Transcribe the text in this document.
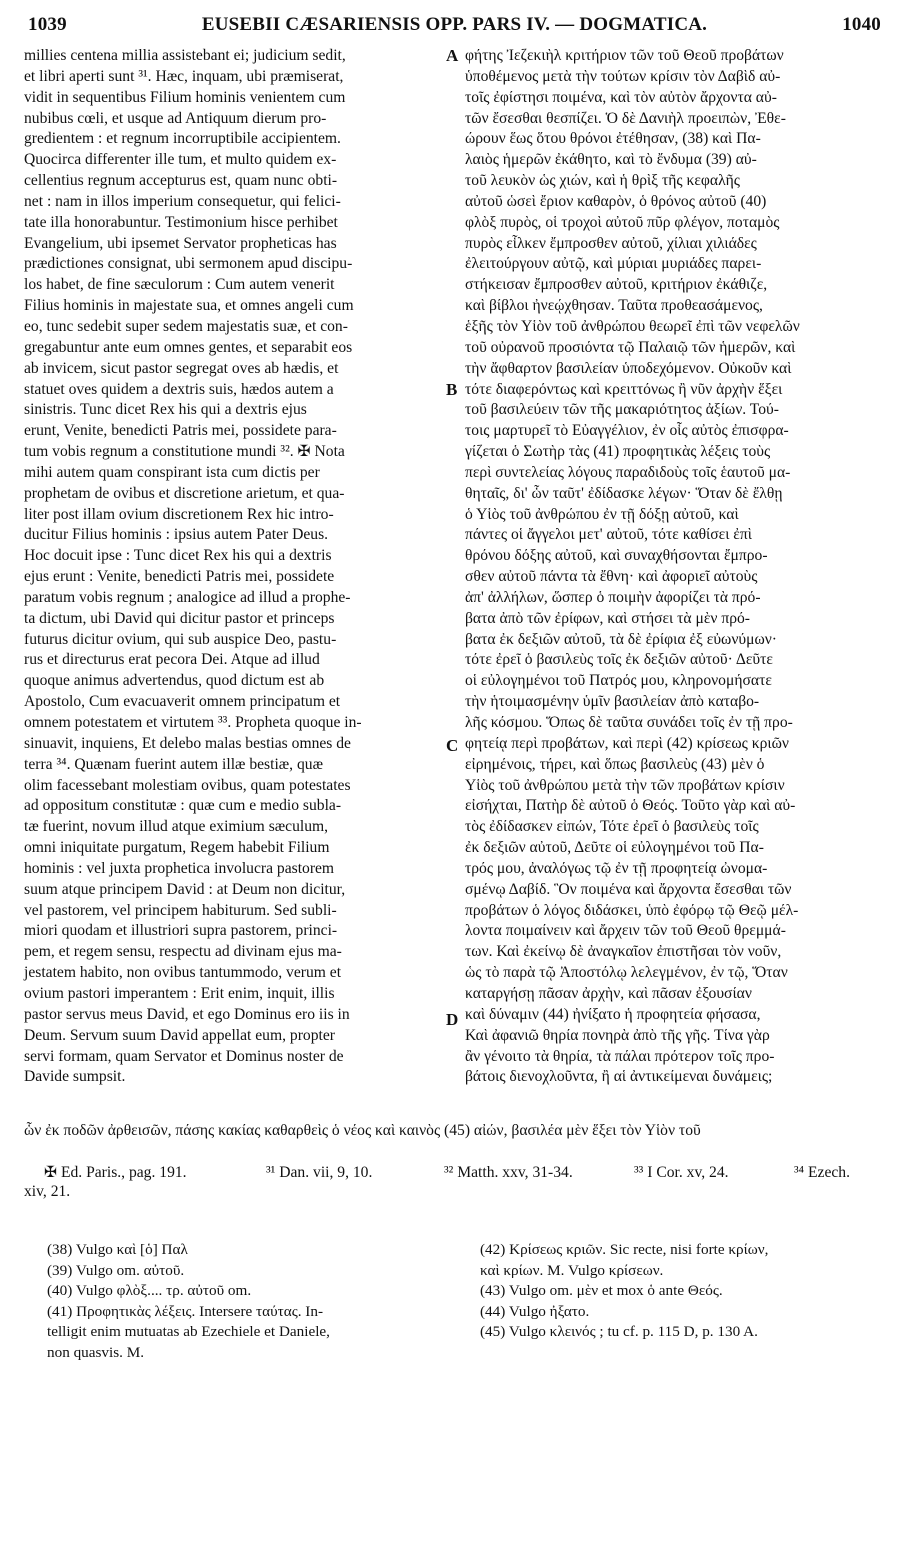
1039	EUSEBII CÆSARIENSIS OPP. PARS IV. — DOGMATICA.	1040
millies centena millia assistebant ei; judicium sedit,
et libri aperti sunt ³¹. Hæc, inquam, ubi præmiserat,
vidit in sequentibus Filium hominis venientem cum
nubibus cœli, et usque ad Antiquum dierum pro-
gredientem : et regnum incorruptibile accipientem.
Quocirca differenter ille tum, et multo quidem ex-
cellentius regnum accepturus est, quam nunc obti-
net : nam in illos imperium consequetur, qui felici-
tate illa honorabuntur. Testimonium hisce perhibet
Evangelium, ubi ipsemet Servator propheticas has
prædictiones consignat, ubi sermonem apud discipu-
los habet, de fine sæculorum : Cum autem venerit
Filius hominis in majestate sua, et omnes angeli cum
eo, tunc sedebit super sedem majestatis suæ, et con-
gregabuntur ante eum omnes gentes, et separabit eos
ab invicem, sicut pastor segregat oves ab hædis, et
statuet oves quidem a dextris suis, hædos autem a
sinistris. Tunc dicet Rex his qui a dextris ejus
erunt, Venite, benedicti Patris mei, possidete para-
tum vobis regnum a constitutione mundi ³². ✠ Nota
mihi autem quam conspirant ista cum dictis per
prophetam de ovibus et discretione arietum, et qua-
liter post illam ovium discretionem Rex hic intro-
ducitur Filius hominis : ipsius autem Pater Deus.
Hoc docuit ipse : Tunc dicet Rex his qui a dextris
ejus erunt : Venite, benedicti Patris mei, possidete
paratum vobis regnum ; analogice ad illud a prophe-
ta dictum, ubi David qui dicitur pastor et princeps
futurus dicitur ovium, qui sub auspice Deo, pastu-
rus et directurus erat pecora Dei. Atque ad illud
quoque animus advertendus, quod dictum est ab
Apostolo, Cum evacuaverit omnem principatum et
omnem potestatem et virtutem ³³. Propheta quoque in-
sinuavit, inquiens, Et delebo malas bestias omnes de
terra ³⁴. Quænam fuerint autem illæ bestiæ, quæ
olim facessebant molestiam ovibus, quam potestates
ad oppositum constitutæ : quæ cum e medio subla-
tæ fuerint, novum illud atque eximium sæculum,
omni iniquitate purgatum, Regem habebit Filium
hominis : vel juxta prophetica involucra pastorem
suum atque principem David : at Deum non dicitur,
vel pastorem, vel principem habiturum. Sed subli-
miori quodam et illustriori supra pastorem, princi-
pem, et regem sensu, respectu ad divinam ejus ma-
jestatem habito, non ovibus tantummodo, verum et
ovium pastori imperantem : Erit enim, inquit, illis
pastor servus meus David, et ego Dominus ero iis in
Deum. Servum suum David appellat eum, propter
servi formam, quam Servator et Dominus noster de
Davide sumpsit.
φήτης Ἰεζεκιὴλ κριτήριον τῶν τοῦ Θεοῦ προβάτων
ὑποθέμενος μετὰ τὴν τούτων κρίσιν τὸν Δαβὶδ αὐ-
τοῖς ἐφίστησι ποιμένα, καὶ τὸν αὐτὸν ἄρχοντα αὐ-
τῶν ἔσεσθαι θεσπίζει. Ὁ δὲ Δανιὴλ προειπὼν, Ἐθε-
ώρουν ἕως ὅτου θρόνοι ἐτέθησαν, (38) καὶ Πα-
λαιὸς ἡμερῶν ἐκάθητο, καὶ τὸ ἔνδυμα (39) αὐ-
τοῦ λευκὸν ὡς χιών, καὶ ἡ θρὶξ τῆς κεφαλῆς
αὐτοῦ ὡσεὶ ἔριον καθαρὸν, ὁ θρόνος αὐτοῦ (40)
φλὸξ πυρὸς, οἱ τροχοὶ αὐτοῦ πῦρ φλέγον, ποταμὸς
πυρὸς εἷλκεν ἔμπροσθεν αὐτοῦ, χίλιαι χιλιάδες
ἐλειτούργουν αὐτῷ, καὶ μύριαι μυριάδες παρει-
στήκεισαν ἔμπροσθεν αὐτοῦ, κριτήριον ἐκάθιζε,
καὶ βίβλοι ἠνεῴχθησαν. Ταῦτα προθεασάμενος,
ἑξῆς τὸν Υἱὸν τοῦ ἀνθρώπου θεωρεῖ ἐπὶ τῶν νεφελῶν
τοῦ οὐρανοῦ προσιόντα τῷ Παλαιῷ τῶν ἡμερῶν, καὶ
τὴν ἄφθαρτον βασιλείαν ὑποδεχόμενον. Οὐκοῦν καὶ
τότε διαφερόντως καὶ κρειττόνως ἢ νῦν ἀρχὴν ἕξει
τοῦ βασιλεύειν τῶν τῆς μακαριότητος ἀξίων. Τού-
τοις μαρτυρεῖ τὸ Εὐαγγέλιον, ἐν οἷς αὐτὸς ἐπισφρα-
γίζεται ὁ Σωτὴρ τὰς (41) προφητικὰς λέξεις τοὺς
περὶ συντελείας λόγους παραδιδοὺς τοῖς ἑαυτοῦ μα-
θηταῖς, δι' ὧν ταῦτ' ἐδίδασκε λέγων· Ὅταν δὲ ἔλθῃ
ὁ Υἱὸς τοῦ ἀνθρώπου ἐν τῇ δόξῃ αὐτοῦ, καὶ
πάντες οἱ ἄγγελοι μετ' αὐτοῦ, τότε καθίσει ἐπὶ
θρόνου δόξης αὐτοῦ, καὶ συναχθήσονται ἔμπρο-
σθεν αὐτοῦ πάντα τὰ ἔθνη· καὶ ἀφοριεῖ αὐτοὺς
ἀπ' ἀλλήλων, ὥσπερ ὁ ποιμὴν ἀφορίζει τὰ πρό-
βατα ἀπὸ τῶν ἐρίφων, καὶ στήσει τὰ μὲν πρό-
βατα ἐκ δεξιῶν αὐτοῦ, τὰ δὲ ἐρίφια ἐξ εὐωνύμων·
τότε ἐρεῖ ὁ βασιλεὺς τοῖς ἐκ δεξιῶν αὐτοῦ· Δεῦτε
οἱ εὐλογημένοι τοῦ Πατρός μου, κληρονομήσατε
τὴν ἡτοιμασμένην ὑμῖν βασιλείαν ἀπὸ καταβο-
λῆς κόσμου. Ὅπως δὲ ταῦτα συνάδει τοῖς ἐν τῇ προ-
φητείᾳ περὶ προβάτων, καὶ περὶ (42) κρίσεως κριῶν
εἰρημένοις, τήρει, καὶ ὅπως βασιλεὺς (43) μὲν ὁ
Υἱὸς τοῦ ἀνθρώπου μετὰ τὴν τῶν προβάτων κρίσιν
εἰσήχται, Πατὴρ δὲ αὐτοῦ ὁ Θεός. Τοῦτο γὰρ καὶ αὐ-
τὸς ἐδίδασκεν εἰπών, Τότε ἐρεῖ ὁ βασιλεὺς τοῖς
ἐκ δεξιῶν αὐτοῦ, Δεῦτε οἱ εὐλογημένοι τοῦ Πα-
τρός μου, ἀναλόγως τῷ ἐν τῇ προφητείᾳ ὠνομα-
σμένῳ Δαβίδ. Ὃν ποιμένα καὶ ἄρχοντα ἔσεσθαι τῶν
προβάτων ὁ λόγος διδάσκει, ὑπὸ ἐφόρῳ τῷ Θεῷ μέλ-
λοντα ποιμαίνειν καὶ ἄρχειν τῶν τοῦ Θεοῦ θρεμμά-
των. Καὶ ἐκείνῳ δὲ ἀναγκαῖον ἐπιστῆσαι τὸν νοῦν,
ὡς τὸ παρὰ τῷ Ἀποστόλῳ λελεγμένον, ἐν τῷ, Ὅταν
καταργήσῃ πᾶσαν ἀρχὴν, καὶ πᾶσαν ἐξουσίαν
καὶ δύναμιν (44) ἠνίξατο ἡ προφητεία φήσασα,
Καὶ ἀφανιῶ θηρία πονηρὰ ἀπὸ τῆς γῆς. Τίνα γὰρ
ἂν γένοιτο τὰ θηρία, τὰ πάλαι πρότερον τοῖς προ-
βάτοις διενοχλοῦντα, ἢ αἱ ἀντικείμεναι δυνάμεις;
A
B
C
D
ὧν ἐκ ποδῶν ἀρθεισῶν, πάσης κακίας καθαρθεὶς ὁ νέος καὶ καινὸς (45) αἰών, βασιλέα μὲν ἕξει τὸν Υἱὸν τοῦ
✠ Ed. Paris., pag. 191.	³¹ Dan. vii, 9, 10.	³² Matth. xxv, 31-34.	³³ I Cor. xv, 24.	³⁴ Ezech.
xiv, 21.
(38) Vulgo καὶ [ὁ] Παλ
(39) Vulgo om. αὐτοῦ.
(40) Vulgo φλὸξ.... τρ. αὐτοῦ om.
(41) Προφητικὰς λέξεις. Intersere ταύτας. In-
telligit enim mutuatas ab Ezechiele et Daniele,
non quasvis. M.
(42) Κρίσεως κριῶν. Sic recte, nisi forte κρίων,
καὶ κρίων. M. Vulgo κρίσεων.
(43) Vulgo om. μὲν et mox ὁ ante Θεός.
(44) Vulgo ἠξατο.
(45) Vulgo κλεινός ; tu cf. p. 115 D, p. 130 A.
